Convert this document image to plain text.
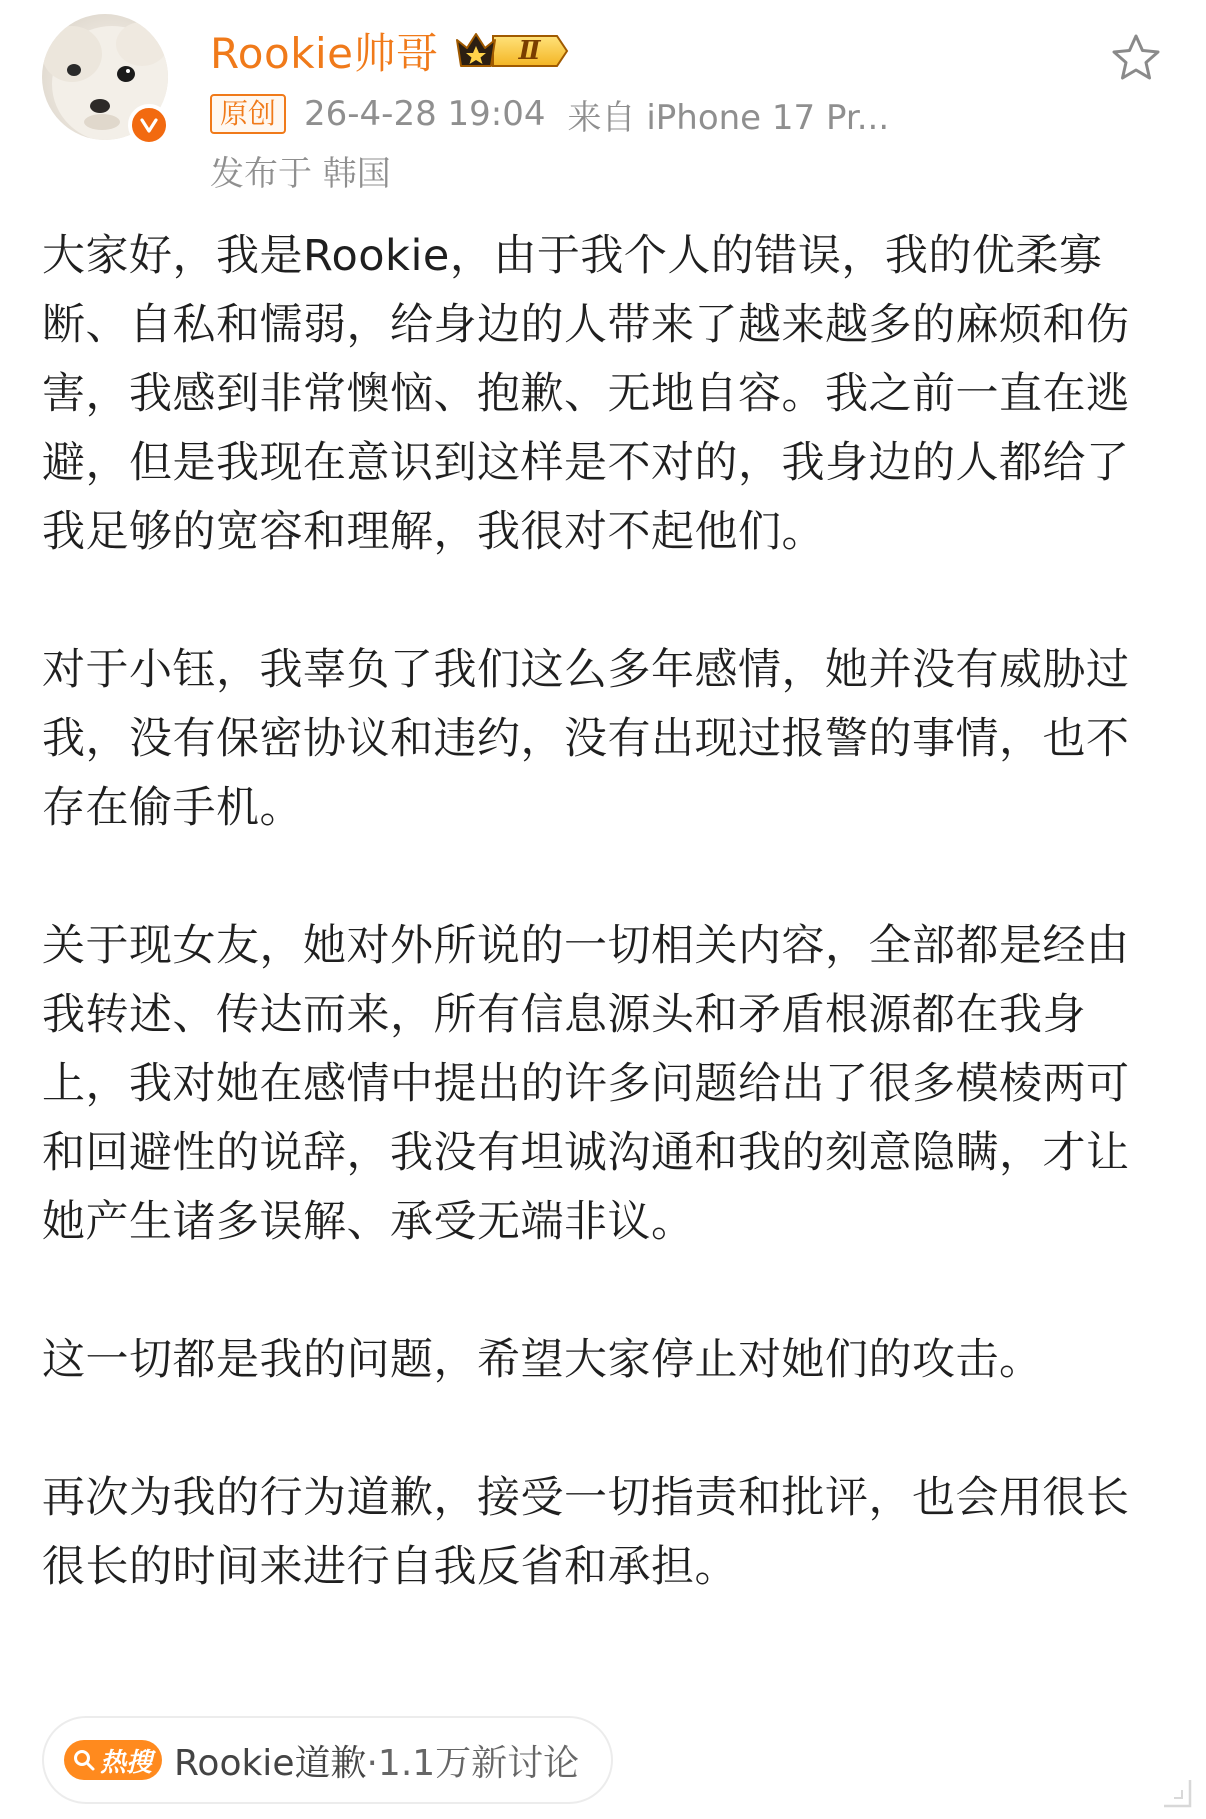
Rookie帅哥	Ⅱ
原创 26-4-28 19:04 来自 iPhone 17 Pr...
发布于 韩国

大家好，我是Rookie，由于我个人的错误，我的优柔寡断、自私和懦弱，给身边的人带来了越来越多的麻烦和伤害，我感到非常懊恼、抱歉、无地自容。我之前一直在逃避，但是我现在意识到这样是不对的，我身边的人都给了我足够的宽容和理解，我很对不起他们。

对于小钰，我辜负了我们这么多年感情，她并没有威胁过我，没有保密协议和违约，没有出现过报警的事情，也不存在偷手机。

关于现女友，她对外所说的一切相关内容，全部都是经由我转述、传达而来，所有信息源头和矛盾根源都在我身上，我对她在感情中提出的许多问题给出了很多模棱两可和回避性的说辞，我没有坦诚沟通和我的刻意隐瞒，才让她产生诸多误解、承受无端非议。

这一切都是我的问题，希望大家停止对她们的攻击。

再次为我的行为道歉，接受一切指责和批评，也会用很长很长的时间来进行自我反省和承担。

热搜 Rookie道歉 ·1.1万新讨论
